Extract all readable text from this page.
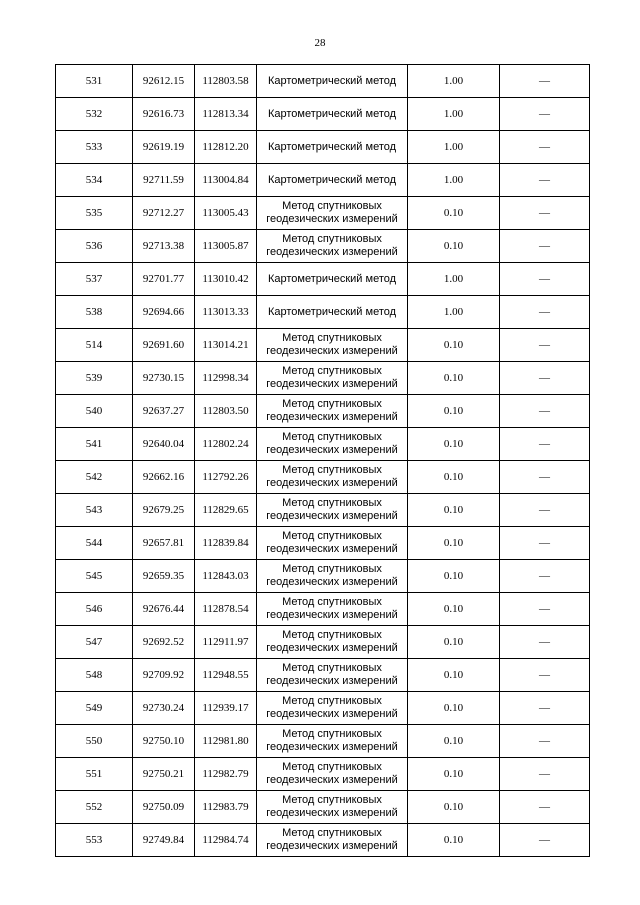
28
531	92612.15	112803.58	Картометрический метод	1.00	—
532	92616.73	112813.34	Картометрический метод	1.00	—
533	92619.19	112812.20	Картометрический метод	1.00	—
534	92711.59	113004.84	Картометрический метод	1.00	—
535	92712.27	113005.43	Метод спутниковых геодезических измерений	0.10	—
536	92713.38	113005.87	Метод спутниковых геодезических измерений	0.10	—
537	92701.77	113010.42	Картометрический метод	1.00	—
538	92694.66	113013.33	Картометрический метод	1.00	—
514	92691.60	113014.21	Метод спутниковых геодезических измерений	0.10	—
539	92730.15	112998.34	Метод спутниковых геодезических измерений	0.10	—
540	92637.27	112803.50	Метод спутниковых геодезических измерений	0.10	—
541	92640.04	112802.24	Метод спутниковых геодезических измерений	0.10	—
542	92662.16	112792.26	Метод спутниковых геодезических измерений	0.10	—
543	92679.25	112829.65	Метод спутниковых геодезических измерений	0.10	—
544	92657.81	112839.84	Метод спутниковых геодезических измерений	0.10	—
545	92659.35	112843.03	Метод спутниковых геодезических измерений	0.10	—
546	92676.44	112878.54	Метод спутниковых геодезических измерений	0.10	—
547	92692.52	112911.97	Метод спутниковых геодезических измерений	0.10	—
548	92709.92	112948.55	Метод спутниковых геодезических измерений	0.10	—
549	92730.24	112939.17	Метод спутниковых геодезических измерений	0.10	—
550	92750.10	112981.80	Метод спутниковых геодезических измерений	0.10	—
551	92750.21	112982.79	Метод спутниковых геодезических измерений	0.10	—
552	92750.09	112983.79	Метод спутниковых геодезических измерений	0.10	—
553	92749.84	112984.74	Метод спутниковых геодезических измерений	0.10	—
